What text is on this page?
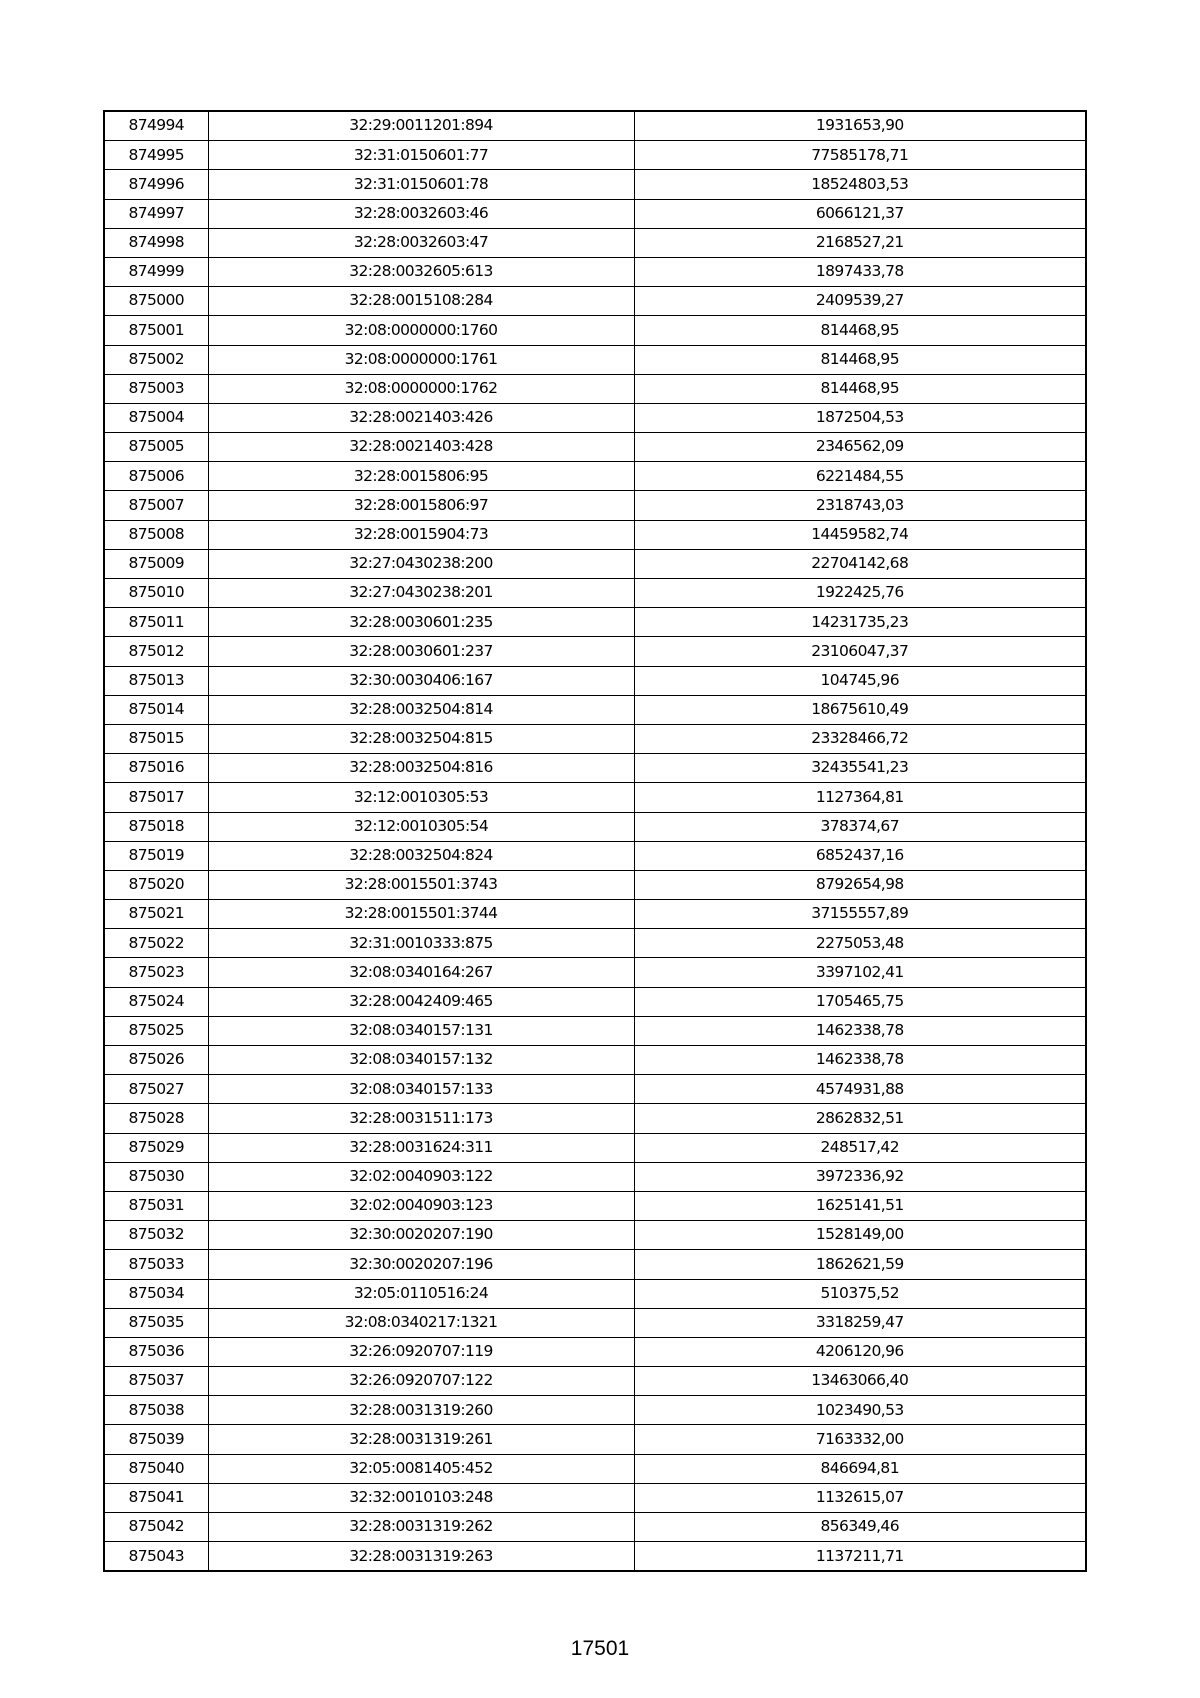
874994	32:29:0011201:894	1931653,90
874995	32:31:0150601:77	77585178,71
874996	32:31:0150601:78	18524803,53
874997	32:28:0032603:46	6066121,37
874998	32:28:0032603:47	2168527,21
874999	32:28:0032605:613	1897433,78
875000	32:28:0015108:284	2409539,27
875001	32:08:0000000:1760	814468,95
875002	32:08:0000000:1761	814468,95
875003	32:08:0000000:1762	814468,95
875004	32:28:0021403:426	1872504,53
875005	32:28:0021403:428	2346562,09
875006	32:28:0015806:95	6221484,55
875007	32:28:0015806:97	2318743,03
875008	32:28:0015904:73	14459582,74
875009	32:27:0430238:200	22704142,68
875010	32:27:0430238:201	1922425,76
875011	32:28:0030601:235	14231735,23
875012	32:28:0030601:237	23106047,37
875013	32:30:0030406:167	104745,96
875014	32:28:0032504:814	18675610,49
875015	32:28:0032504:815	23328466,72
875016	32:28:0032504:816	32435541,23
875017	32:12:0010305:53	1127364,81
875018	32:12:0010305:54	378374,67
875019	32:28:0032504:824	6852437,16
875020	32:28:0015501:3743	8792654,98
875021	32:28:0015501:3744	37155557,89
875022	32:31:0010333:875	2275053,48
875023	32:08:0340164:267	3397102,41
875024	32:28:0042409:465	1705465,75
875025	32:08:0340157:131	1462338,78
875026	32:08:0340157:132	1462338,78
875027	32:08:0340157:133	4574931,88
875028	32:28:0031511:173	2862832,51
875029	32:28:0031624:311	248517,42
875030	32:02:0040903:122	3972336,92
875031	32:02:0040903:123	1625141,51
875032	32:30:0020207:190	1528149,00
875033	32:30:0020207:196	1862621,59
875034	32:05:0110516:24	510375,52
875035	32:08:0340217:1321	3318259,47
875036	32:26:0920707:119	4206120,96
875037	32:26:0920707:122	13463066,40
875038	32:28:0031319:260	1023490,53
875039	32:28:0031319:261	7163332,00
875040	32:05:0081405:452	846694,81
875041	32:32:0010103:248	1132615,07
875042	32:28:0031319:262	856349,46
875043	32:28:0031319:263	1137211,71
17501
